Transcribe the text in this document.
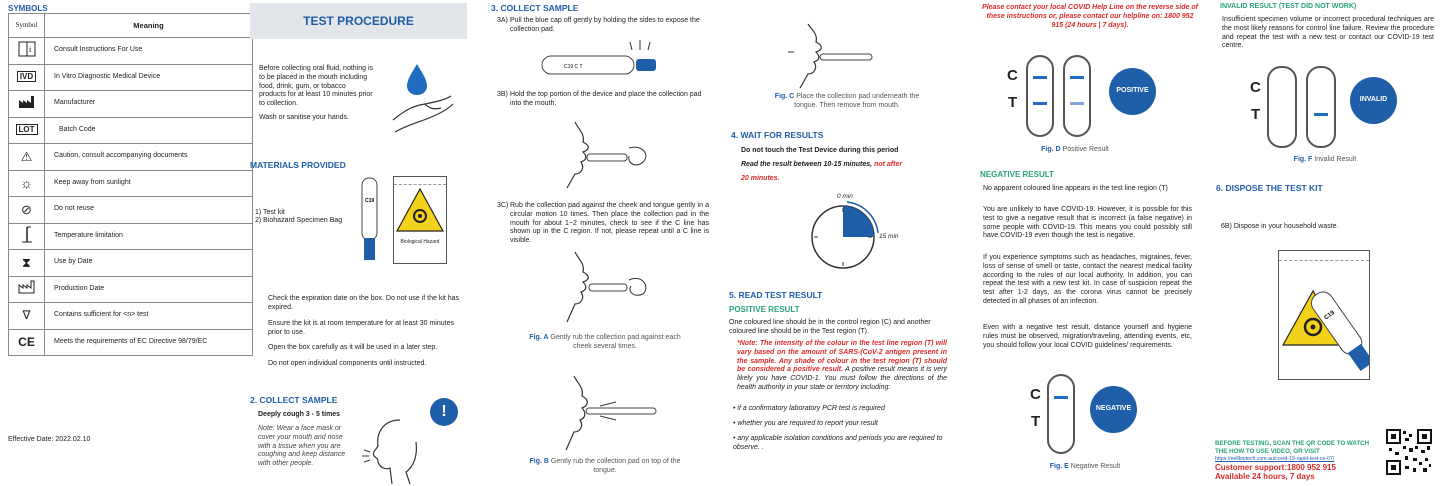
SYMBOLS
Symbol	Meaning

i	Consult Instructions For Use
IVD	In Vitro Diagnostic Medical Device
	Manufacturer
LOT	Batch Code
⚠	Caution, consult accompanying documents
☼	Keep away from sunlight
⊘	Do not reuse
	Temperature limitation
⧗	Use by Date
	Production Date
∇	Contains sufficient for <n> test
CE	Meets the requirements of EC Directive 98/79/EC
Effective Date: 2022.02.10
TEST PROCEDURE
Before collecting oral fluid, nothing is to be placed in the mouth including food, drink, gum, or tobacco products for at least 10 minutes prior to collection.
Wash or sanitise your hands.
MATERIALS PROVIDED
1) Test kit
2) Biohazard Specimen Bag
C19
Biological Hazard
Check the expiration date on the box. Do not use if the kit has expired.
Ensure the kit is at room temperature for at least 30 minutes prior to use.
Open the box carefully as it will be used in a later step.
Do not open individual components until instructed.
2. COLLECT SAMPLE
Deeply cough 3 - 5 times
Note: Wear a face mask or cover your mouth and nose with a tissue when you are coughing and keep distance with other people.
!
3. COLLECT SAMPLE
3A) Pull the blue cap off gently by holding the sides to expose the collection pad.
C19 C T
3B) Hold the top portion of the device and place the collection pad into the mouth.
3C) Rub the collection pad against the cheek and tongue gently in a circular motion 10 times. Then place the collection pad in the mouth for about 1~2 minutes, check to see if the C line has shown up in the C region. If not, please repeat until a C line is visible.
Fig. A Gently rub the collection pad against each cheek several times.
Fig. B Gently rub the collection pad on top of the tongue.
Fig. C Place the collection pad underneath the tongue. Then remove from mouth.
4. WAIT FOR RESULTS
Do not touch the Test Device during this period
Read the result between 10-15 minutes, not after
20 minutes.
0 min
15 min
5. READ TEST RESULT
POSITIVE RESULT
One coloured line should be in the control region (C) and another coloured line should be in the Test region (T).
*Note: The intensity of the colour in the test line region (T) will vary based on the amount of SARS-(CoV-2 antigen present in the sample. Any shade of colour in the test region (T) should be considered a positive result. A positive result means it is very likely you have COVID-1. You must follow the directions of the health authority in your state or territory including:
• if a confirmatory laboratory PCR test is required
• whether you are required to report your result
• any applicable isolation conditions and periods you are required to observe. .
Please contact your local COVID Help Line on the reverse side of these instructions or, please contact our helpline on: 1800 952 915 (24 hours | 7 days).
C
T
POSITIVE
Fig. D Positive Result
NEGATIVE RESULT
No apparent coloured line appears in the test line region (T)
You are unlikely to have COVID-19. However, it is possible for this test to give a negative result that is incorrect (a false negative) in some people with COVID-19. This means you could possibly still have COVID-19 even though the test is negative.
If you experience symptoms such as headaches, migraines, fever, loss of sense of smell or taste, contact the nearest medical facility according to the rules of our local authority. In addition, you can repeat the test with a new test kit. In case of suspicion repeat the test after 1-2 days, as the corona virus cannot be precisely detected in all phases of an infection.
Even with a negative test result, distance yourself and hygiene rules must be observed, migration/traveling, attending events, etc, you should follow your local COVID guidelines/ requirements.
C
T
NEGATIVE
Fig. E Negative Result
INVALID RESULT (TEST DID NOT WORK)
Insufficient specimen volume or incorrect procedural techniques are the most likely reasons for control line failure. Review the procedure and repeat the test with a new test or contact our COVID-19 test centre.
C
T
INVALID
Fig. F Invalid Result
6. DISPOSE THE TEST KIT
6B) Dispose in your household waste.
C19
BEFORE TESTING, SCAN THE QR CODE TO WATCH THE HOW TO USE VIDEO, OR VISIT
https://eellbiotech.com.au/covid-19-rapid-test-co-07/
Customer support:1800 952 915
Available 24 hours, 7 days
